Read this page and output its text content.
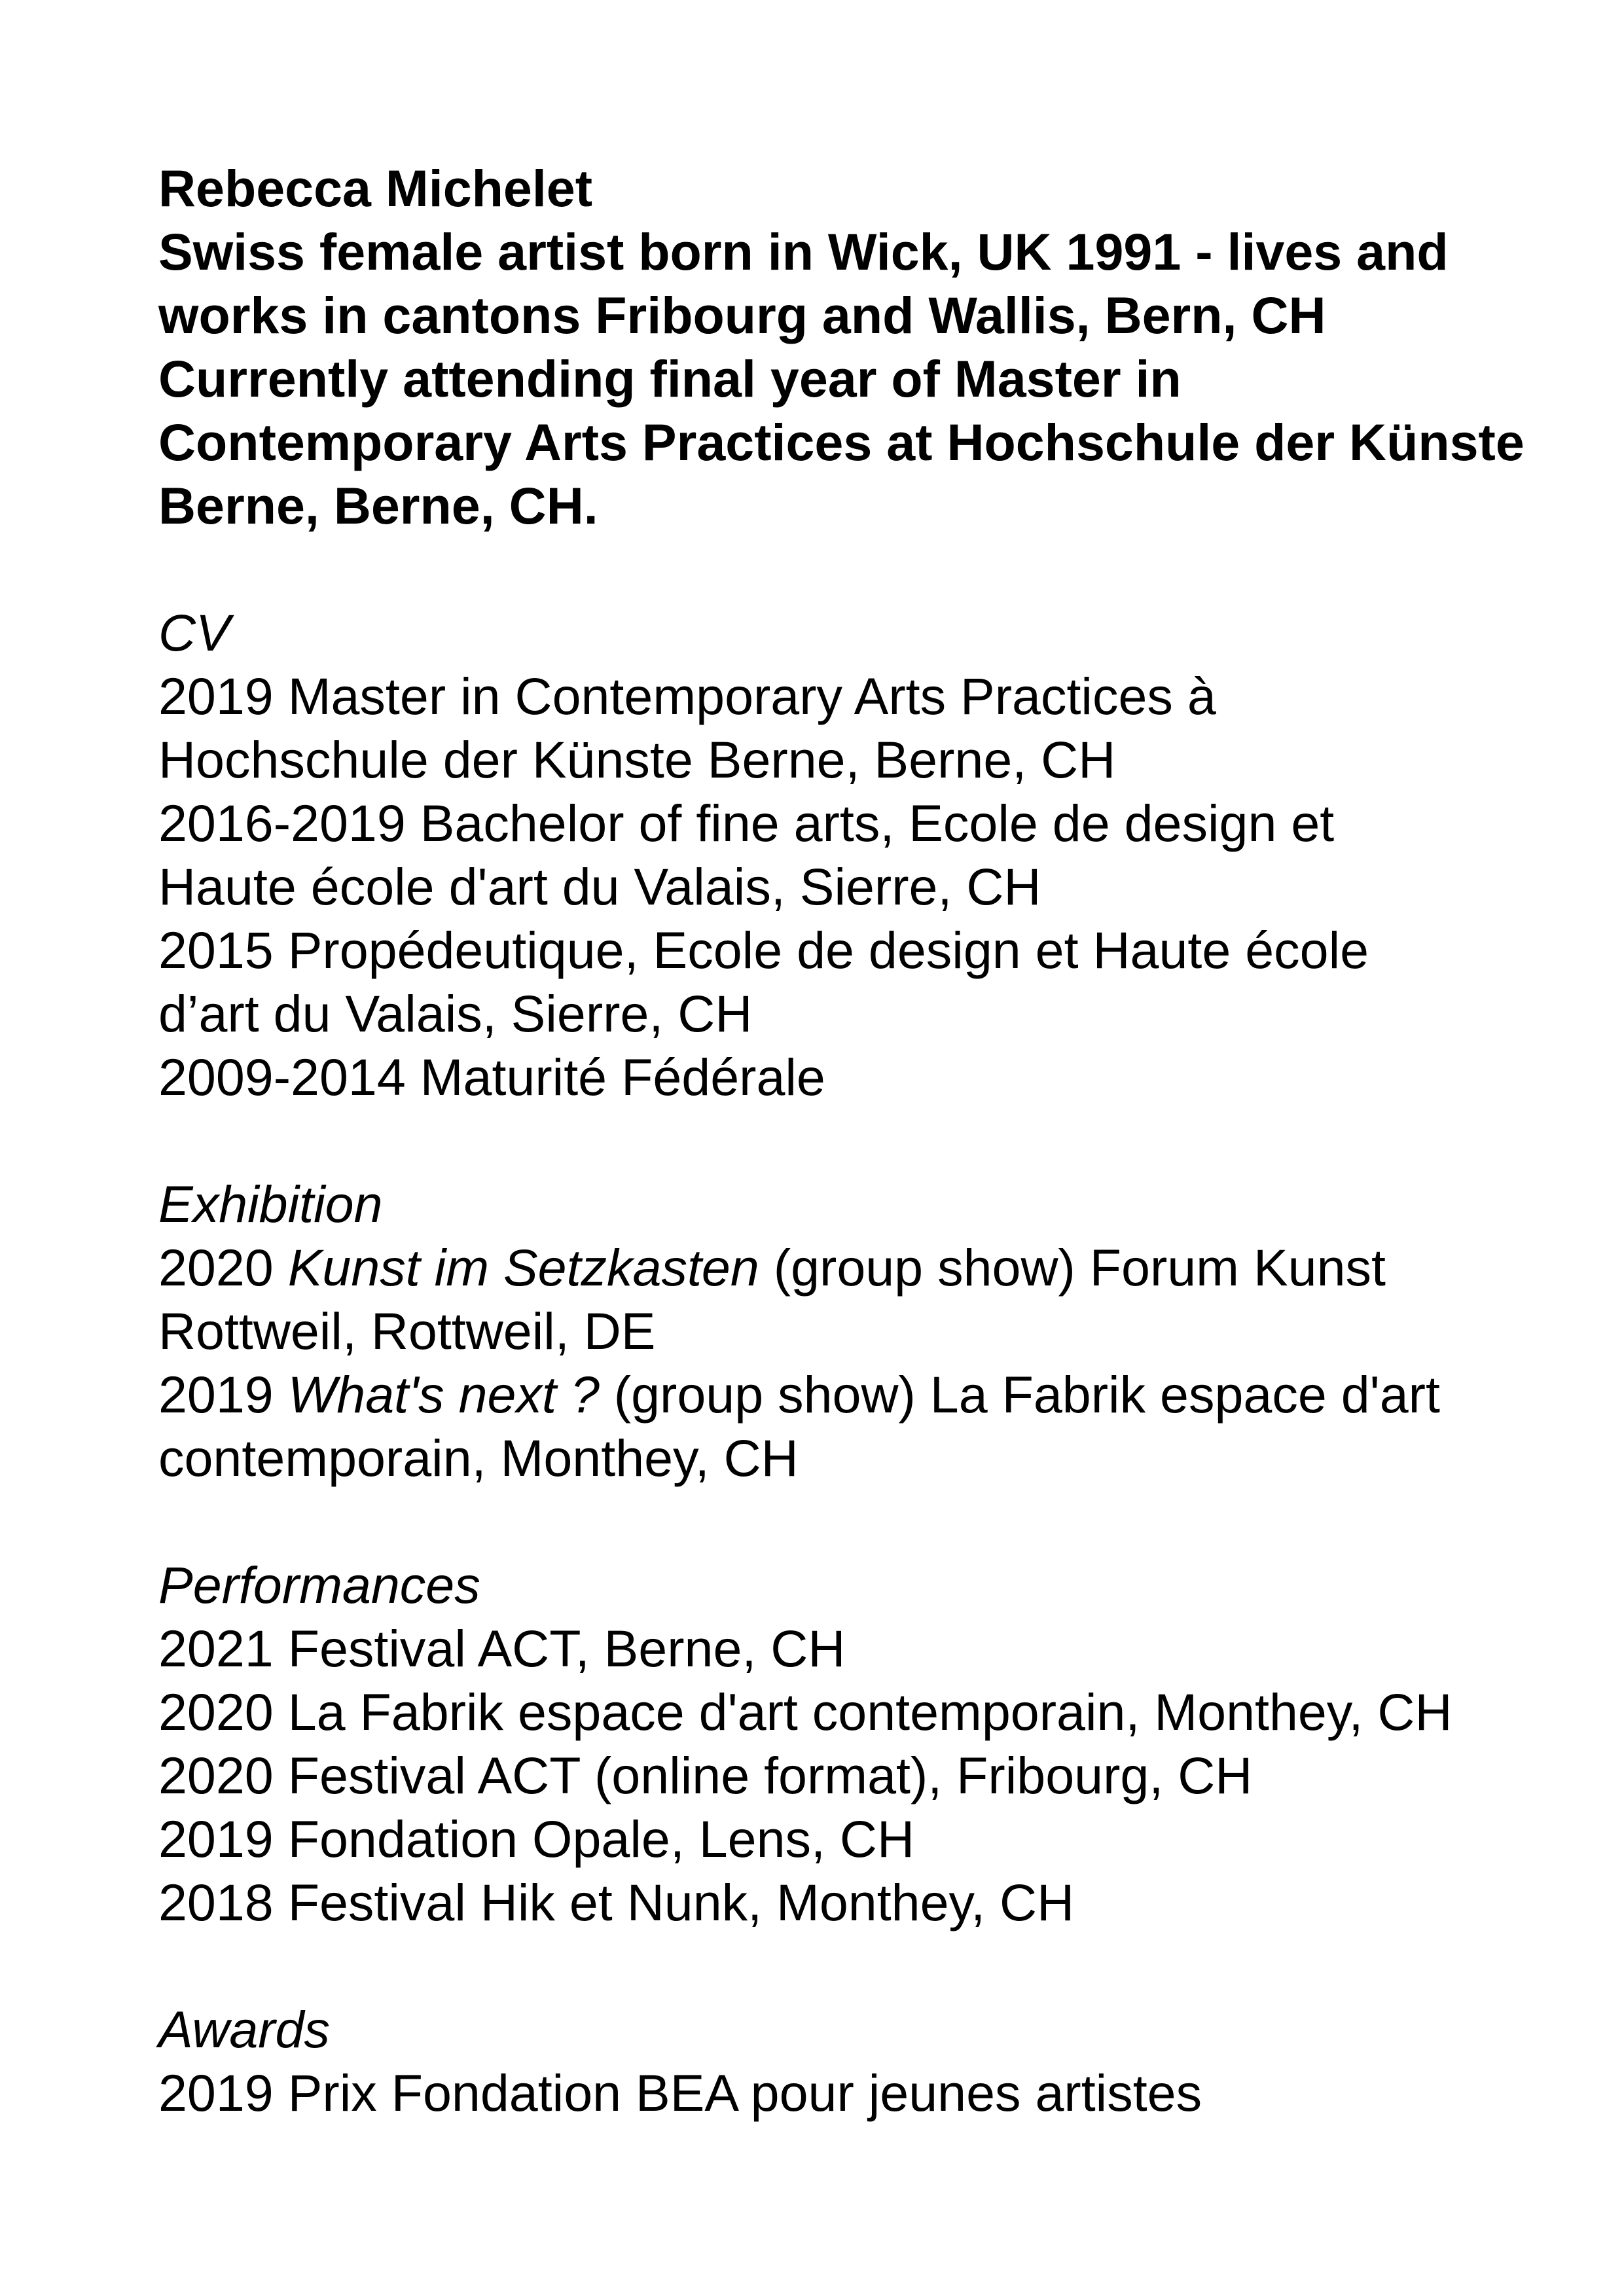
Rebecca Michelet
Swiss female artist born in Wick, UK 1991 - lives and
works in cantons Fribourg and Wallis, Bern, CH
Currently attending final year of Master in
Contemporary Arts Practices at Hochschule der Künste
Berne, Berne, CH.
CV
2019 Master in Contemporary Arts Practices à
Hochschule der Künste Berne, Berne, CH
2016-2019 Bachelor of fine arts, Ecole de design et
Haute école d'art du Valais, Sierre, CH
2015 Propédeutique, Ecole de design et Haute école
d’art du Valais, Sierre, CH
2009-2014 Maturité Fédérale
Exhibition
2020 Kunst im Setzkasten (group show) Forum Kunst
Rottweil, Rottweil, DE
2019 What's next ? (group show) La Fabrik espace d'art
contemporain, Monthey, CH
Performances
2021 Festival ACT, Berne, CH
2020 La Fabrik espace d'art contemporain, Monthey, CH
2020 Festival ACT (online format), Fribourg, CH
2019 Fondation Opale, Lens, CH
2018 Festival Hik et Nunk, Monthey, CH
Awards
2019 Prix Fondation BEA pour jeunes artistes
